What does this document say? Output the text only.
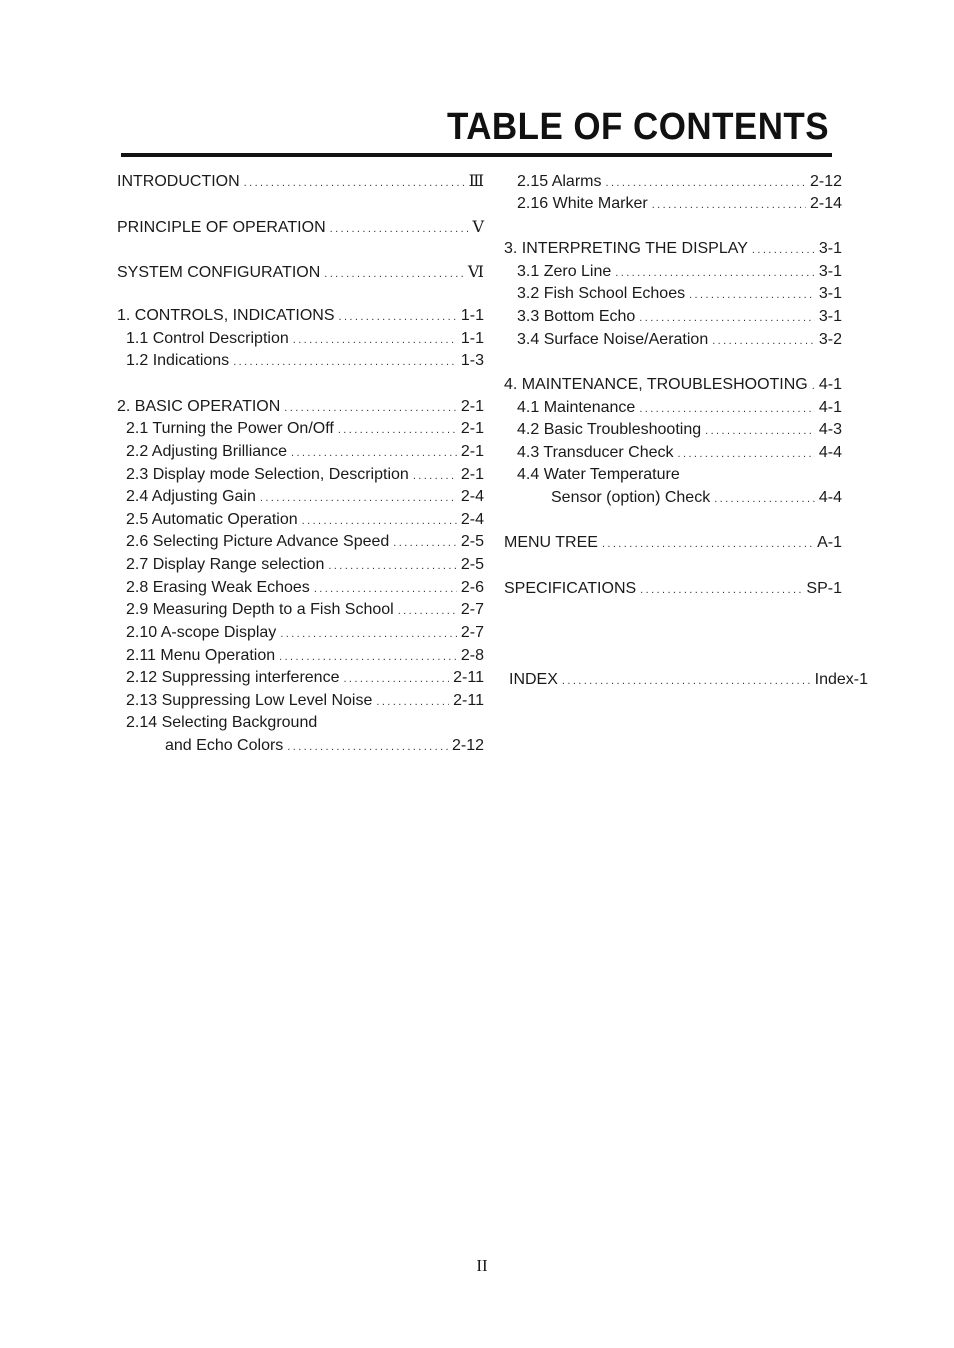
TABLE OF CONTENTS
II
INTRODUCTION .....	Ⅲ
PRINCIPLE OF OPERATION .....	Ⅴ
SYSTEM CONFIGURATION .....	Ⅵ
1. CONTROLS, INDICATIONS .....	1-1
1.1 Control Description .....	1-1
1.2 Indications .....	1-3
2. BASIC OPERATION .....	2-1
2.1 Turning the Power On/Off .....	2-1
2.2 Adjusting Brilliance .....	2-1
2.3 Display mode Selection, Description .....	2-1
2.4 Adjusting Gain .....	2-4
2.5 Automatic Operation .....	2-4
2.6 Selecting Picture Advance Speed .....	2-5
2.7 Display Range selection .....	2-5
2.8 Erasing Weak Echoes .....	2-6
2.9 Measuring Depth to a Fish School .....	2-7
2.10 A-scope Display .....	2-7
2.11 Menu Operation .....	2-8
2.12 Suppressing interference .....	2-11
2.13 Suppressing Low Level Noise .....	2-11
2.14 Selecting Background
and Echo Colors .....	2-12
2.15 Alarms .....	2-12
2.16 White Marker .....	2-14
3. INTERPRETING THE DISPLAY .....	3-1
3.1 Zero Line .....	3-1
3.2 Fish School Echoes .....	3-1
3.3 Bottom Echo .....	3-1
3.4 Surface Noise/Aeration .....	3-2
4. MAINTENANCE, TROUBLESHOOTING ..... 4-1
4.1 Maintenance .....	4-1
4.2 Basic Troubleshooting .....	4-3
4.3 Transducer Check .....	4-4
4.4 Water Temperature
Sensor (option) Check .....	4-4
MENU TREE .....	A-1
SPECIFICATIONS .....	SP-1
INDEX .....	Index-1
